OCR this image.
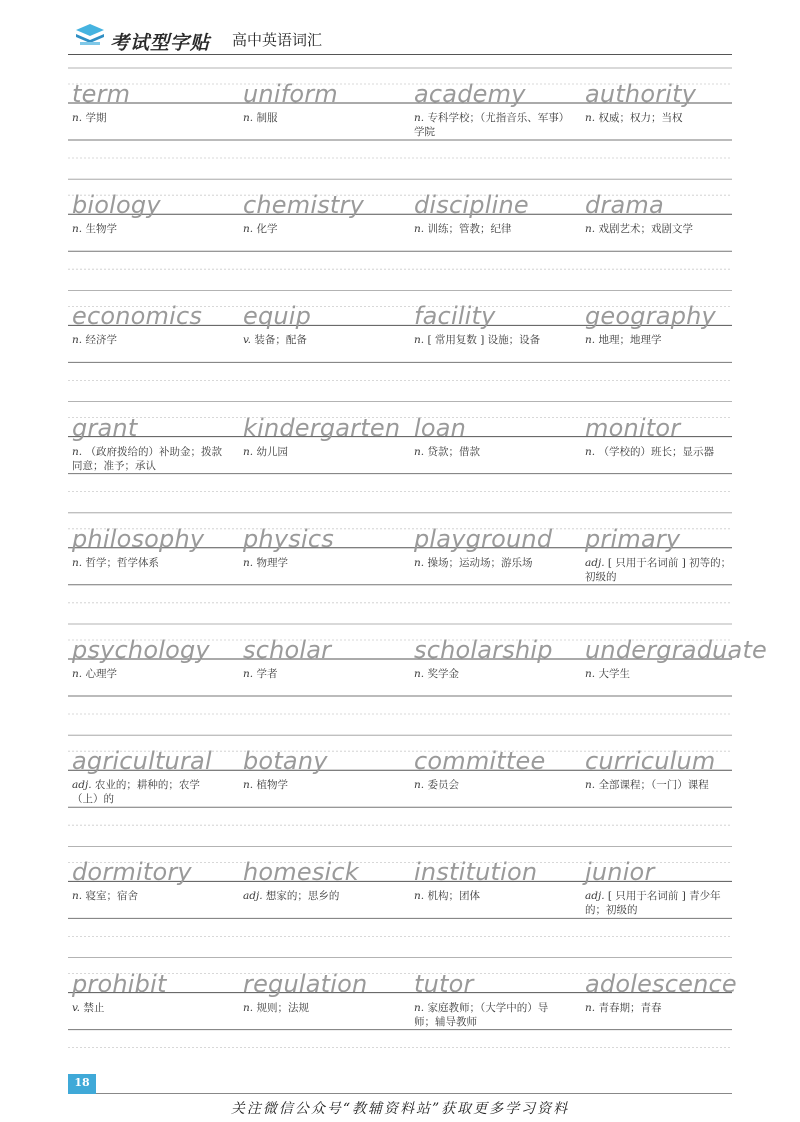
考试型字贴 高中英语词汇
term
n. 学期
uniform
n. 制服
academy
n. 专科学校；（尤指音乐、军事）学院
authority
n. 权威；权力；当权
biology
n. 生物学
chemistry
n. 化学
discipline
n. 训练；管教；纪律
drama
n. 戏剧艺术；戏剧文学
economics
n. 经济学
equip
v. 装备；配备
facility
n. [ 常用复数 ] 设施；设备
geography
n. 地理；地理学
grant
n. （政府拨给的）补助金；拨款同意；准予；承认
kindergarten
n. 幼儿园
loan
n. 贷款；借款
monitor
n. （学校的）班长；显示器
philosophy
n. 哲学；哲学体系
physics
n. 物理学
playground
n. 操场；运动场；游乐场
primary
adj. [ 只用于名词前 ] 初等的；初级的
psychology
n. 心理学
scholar
n. 学者
scholarship
n. 奖学金
undergraduate
n. 大学生
agricultural
adj. 农业的；耕种的；农学（上）的
botany
n. 植物学
committee
n. 委员会
curriculum
n. 全部课程；（一门）课程
dormitory
n. 寝室；宿舍
homesick
adj. 想家的；思乡的
institution
n. 机构；团体
junior
adj. [ 只用于名词前 ] 青少年的；初级的
prohibit
v. 禁止
regulation
n. 规则；法规
tutor
n. 家庭教师；（大学中的）导师；辅导教师
adolescence
n. 青春期；青春
18
关注微信公众号“教辅资料站”获取更多学习资料
